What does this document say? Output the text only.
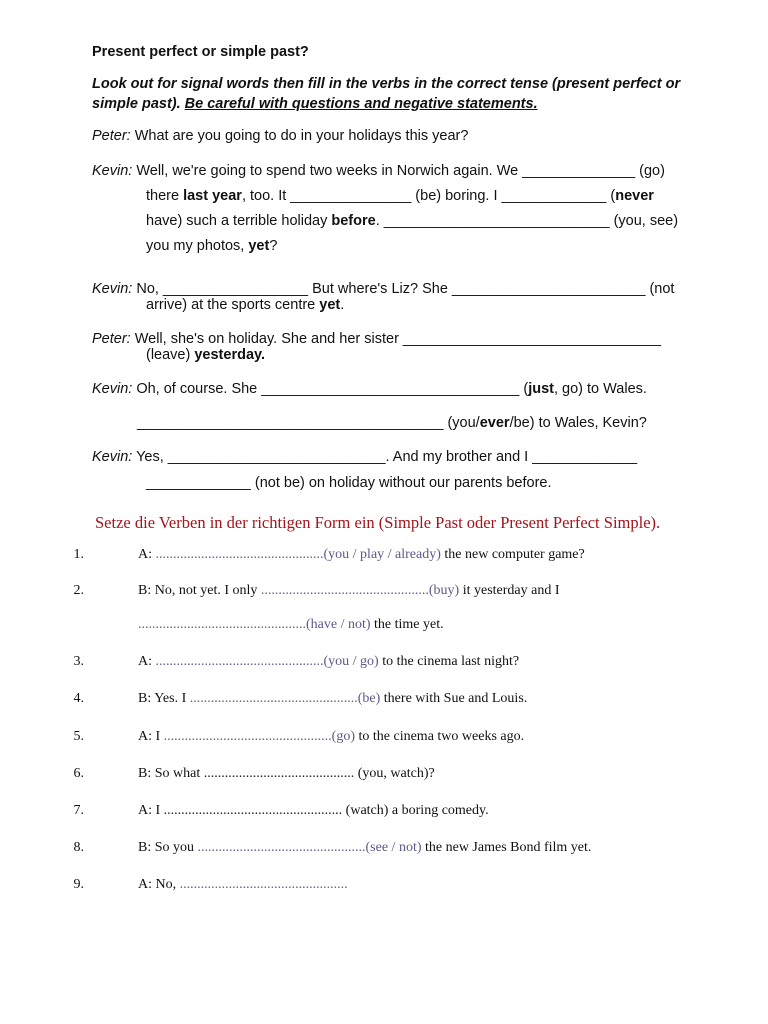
Present perfect or simple past?
Look out for signal words then fill in the verbs in the correct tense (present perfect or
simple past). Be careful with questions and negative statements.
Peter: What are you going to do in your holidays this year?
Kevin: Well, we're going to spend two weeks in Norwich again. We ______________ (go)
there last year, too. It _______________ (be) boring. I _____________ (never
have) such a terrible holiday before. ____________________________ (you, see)
you my photos, yet?
Kevin: No, __________________ But where's Liz? She ________________________ (not
arrive) at the sports centre yet.
Peter: Well, she's on holiday. She and her sister ________________________________
(leave) yesterday.
Kevin: Oh, of course. She ________________________________ (just, go) to Wales.
______________________________________ (you/ever/be) to Wales, Kevin?
Kevin: Yes, ___________________________. And my brother and I _____________
_____________ (not be) on holiday without our parents before.
Setze die Verben in der richtigen Form ein (Simple Past oder Present Perfect Simple).
1.	A: ................................................(you / play / already) the new computer game?
2.	B: No, not yet. I only ................................................(buy) it yesterday and I
................................................(have / not) the time yet.
3.	A: ................................................(you / go) to the cinema last night?
4.	B: Yes. I ................................................(be) there with Sue and Louis.
5.	A: I ................................................(go) to the cinema two weeks ago.
6.	B: So what ........................................... (you, watch)?
7.	A: I ................................................... (watch) a boring comedy.
8.	B: So you ................................................(see / not) the new James Bond film yet.
9.	A: No, ................................................
